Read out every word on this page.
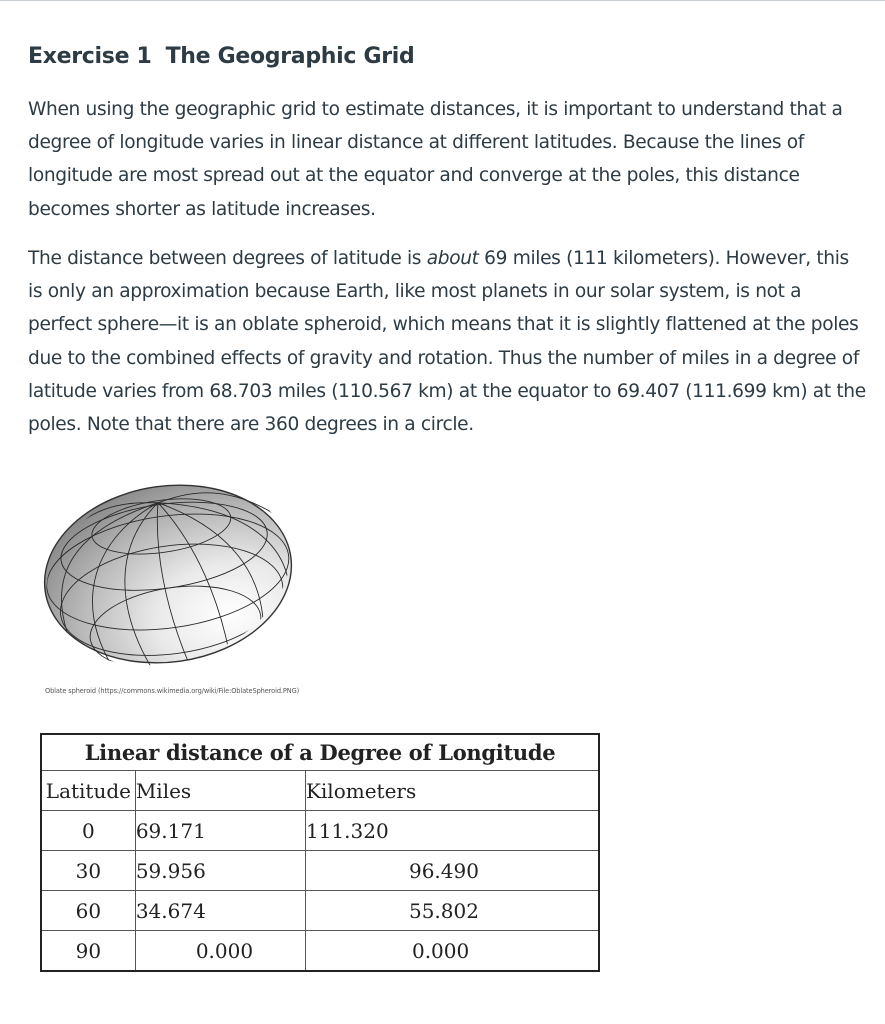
Exercise 1 The Geographic Grid

When using the geographic grid to estimate distances, it is important to understand that a degree of longitude varies in linear distance at different latitudes. Because the lines of longitude are most spread out at the equator and converge at the poles, this distance becomes shorter as latitude increases.

The distance between degrees of latitude is about 69 miles (111 kilometers). However, this is only an approximation because Earth, like most planets in our solar system, is not a perfect sphere—it is an oblate spheroid, which means that it is slightly flattened at the poles due to the combined effects of gravity and rotation. Thus the number of miles in a degree of latitude varies from 68.703 miles (110.567 km) at the equator to 69.407 (111.699 km) at the poles. Note that there are 360 degrees in a circle.

Oblate spheroid (https://commons.wikimedia.org/wiki/File:OblateSpheroid.PNG)
Linear distance of a Degree of Longitude		
Latitude	Miles	Kilometers
0	69.171	111.320
30	59.956	96.490
60	34.674	55.802
90	0.000	0.000
